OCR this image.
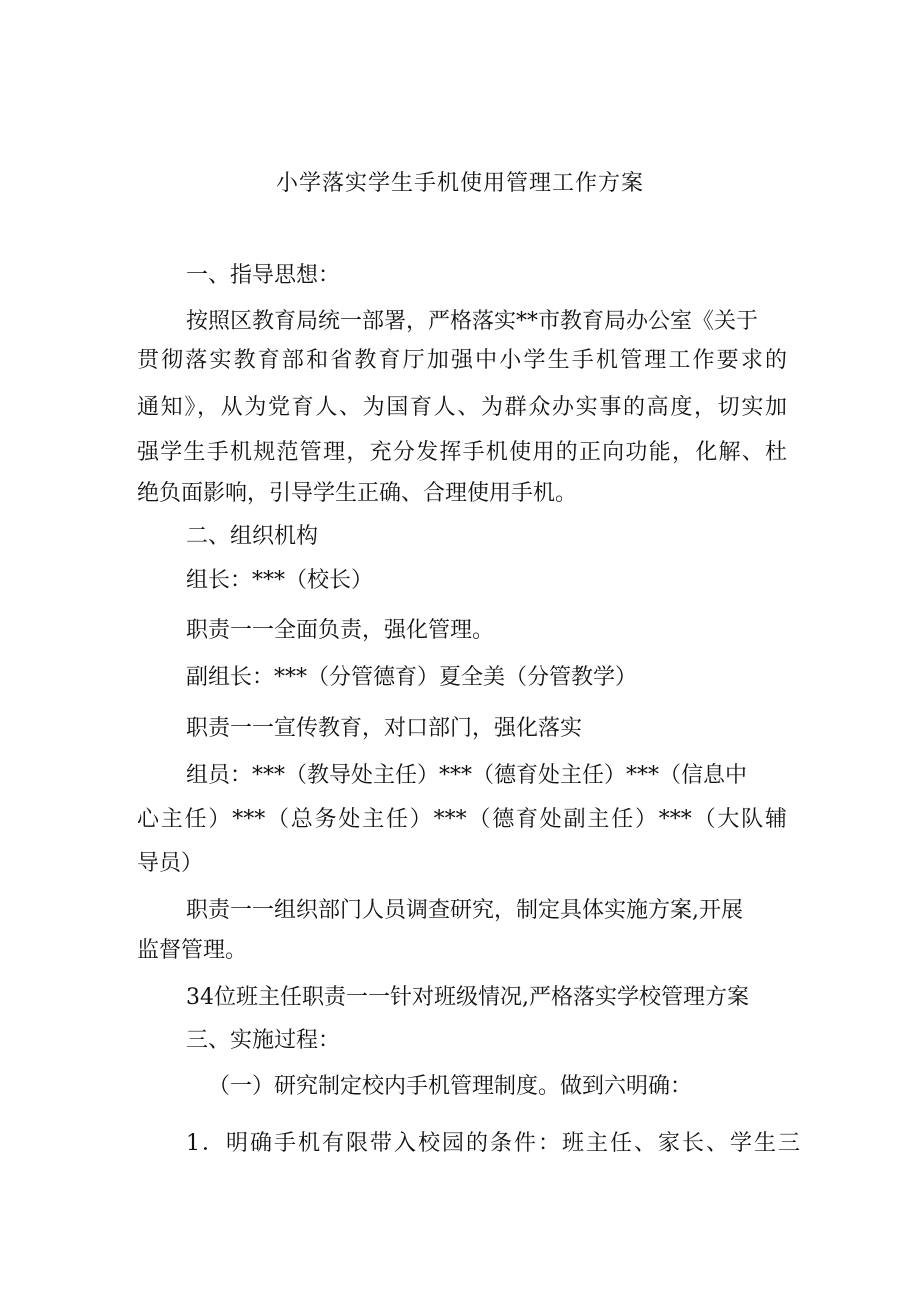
小学落实学生手机使用管理工作方案
一、指导思想：
按照区教育局统一部署，严格落实**市教育局办公室《关于
贯彻落实教育部和省教育厅加强中小学生手机管理工作要求的
通知》，从为党育人、为国育人、为群众办实事的高度，切实加
强学生手机规范管理，充分发挥手机使用的正向功能，化解、杜
绝负面影响，引导学生正确、合理使用手机。
二、组织机构
组长：***（校长）
职责一一全面负责，强化管理。
副组长：***（分管德育）夏全美（分管教学）
职责一一宣传教育，对口部门，强化落实
组员：***（教导处主任）***（德育处主任）***（信息中
心主任）***（总务处主任）***（德育处副主任）***（大队辅
导员）
职责一一组织部门人员调查研究，制定具体实施方案,开展
监督管理。
34位班主任职责一一针对班级情况,严格落实学校管理方案
三、实施过程：
（一）研究制定校内手机管理制度。做到六明确：
1．明确手机有限带入校园的条件：班主任、家长、学生三
